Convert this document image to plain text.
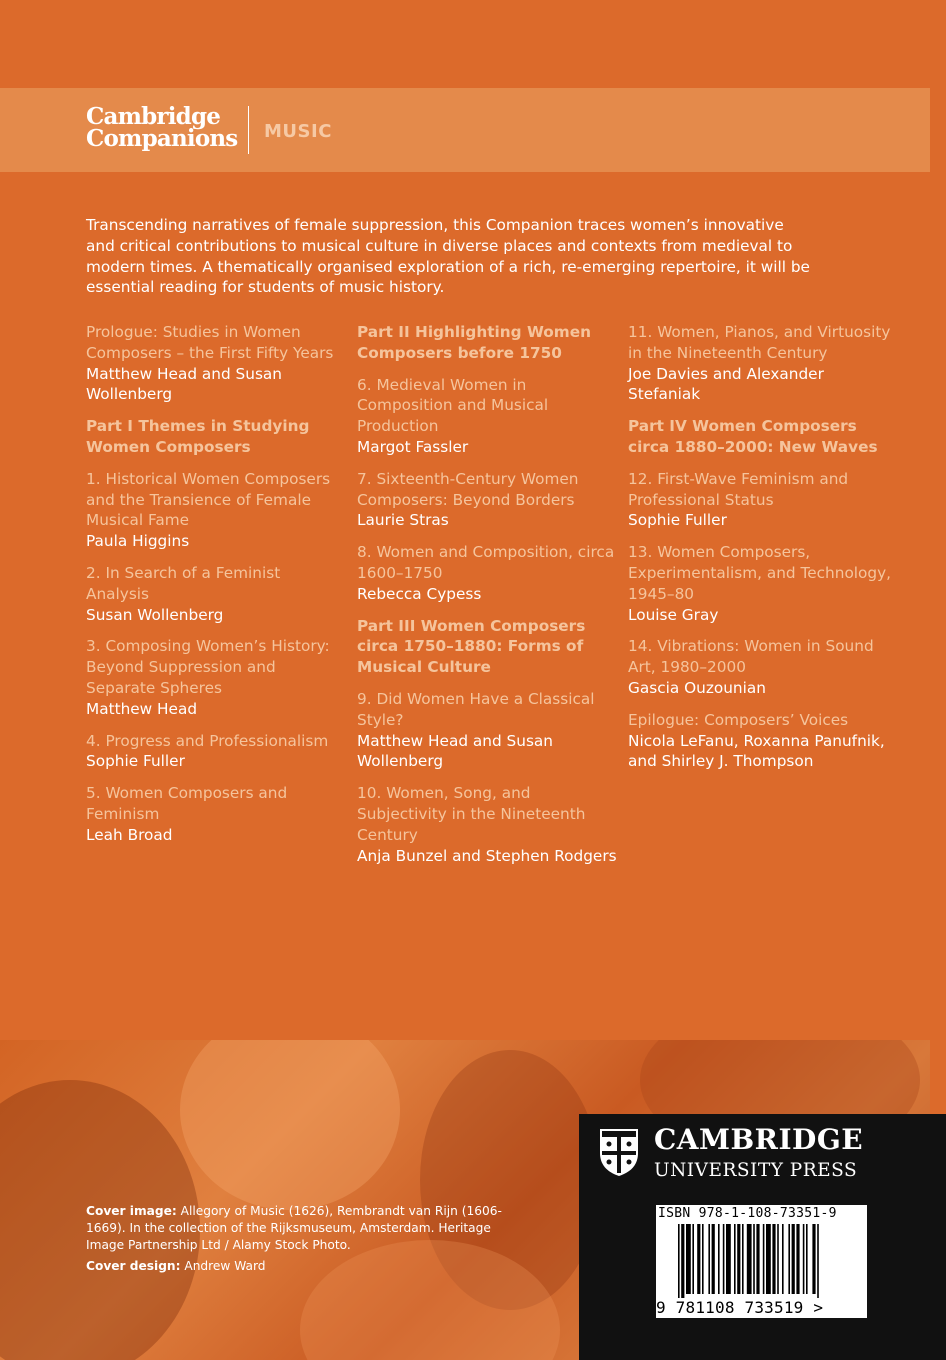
Cambridge
Companions	MUSIC
Transcending narratives of female suppression, this Companion traces women’s innovative and critical contributions to musical culture in diverse places and contexts from medieval to modern times. A thematically organised exploration of a rich, re-emerging repertoire, it will be essential reading for students of music history.
Prologue: Studies in Women Composers – the First Fifty Years
Matthew Head and Susan Wollenberg
Part I Themes in Studying Women Composers
1. Historical Women Composers and the Transience of Female Musical Fame
Paula Higgins
2. In Search of a Feminist Analysis
Susan Wollenberg
3. Composing Women’s History: Beyond Suppression and Separate Spheres
Matthew Head
4. Progress and Professionalism
Sophie Fuller
5. Women Composers and Feminism
Leah Broad
Part II Highlighting Women Composers before 1750
6. Medieval Women in Composition and Musical Production
Margot Fassler
7. Sixteenth-Century Women Composers: Beyond Borders
Laurie Stras
8. Women and Composition, circa 1600–1750
Rebecca Cypess
Part III Women Composers circa 1750–1880: Forms of Musical Culture
9. Did Women Have a Classical Style?
Matthew Head and Susan Wollenberg
10. Women, Song, and Subjectivity in the Nineteenth Century
Anja Bunzel and Stephen Rodgers
11. Women, Pianos, and Virtuosity in the Nineteenth Century
Joe Davies and Alexander Stefaniak
Part IV Women Composers circa 1880–2000: New Waves
12. First-Wave Feminism and Professional Status
Sophie Fuller
13. Women Composers, Experimentalism, and Technology, 1945–80
Louise Gray
14. Vibrations: Women in Sound Art, 1980–2000
Gascia Ouzounian
Epilogue: Composers’ Voices
Nicola LeFanu, Roxanna Panufnik, and Shirley J. Thompson

Cover image: Allegory of Music (1626), Rembrandt van Rijn (1606-1669). In the collection of the Rijksmuseum, Amsterdam. Heritage Image Partnership Ltd / Alamy Stock Photo.

Cover design: Andrew Ward

CAMBRIDGE
UNIVERSITY PRESS
ISBN 978-1-108-73351-9
9 781108 733519 >
